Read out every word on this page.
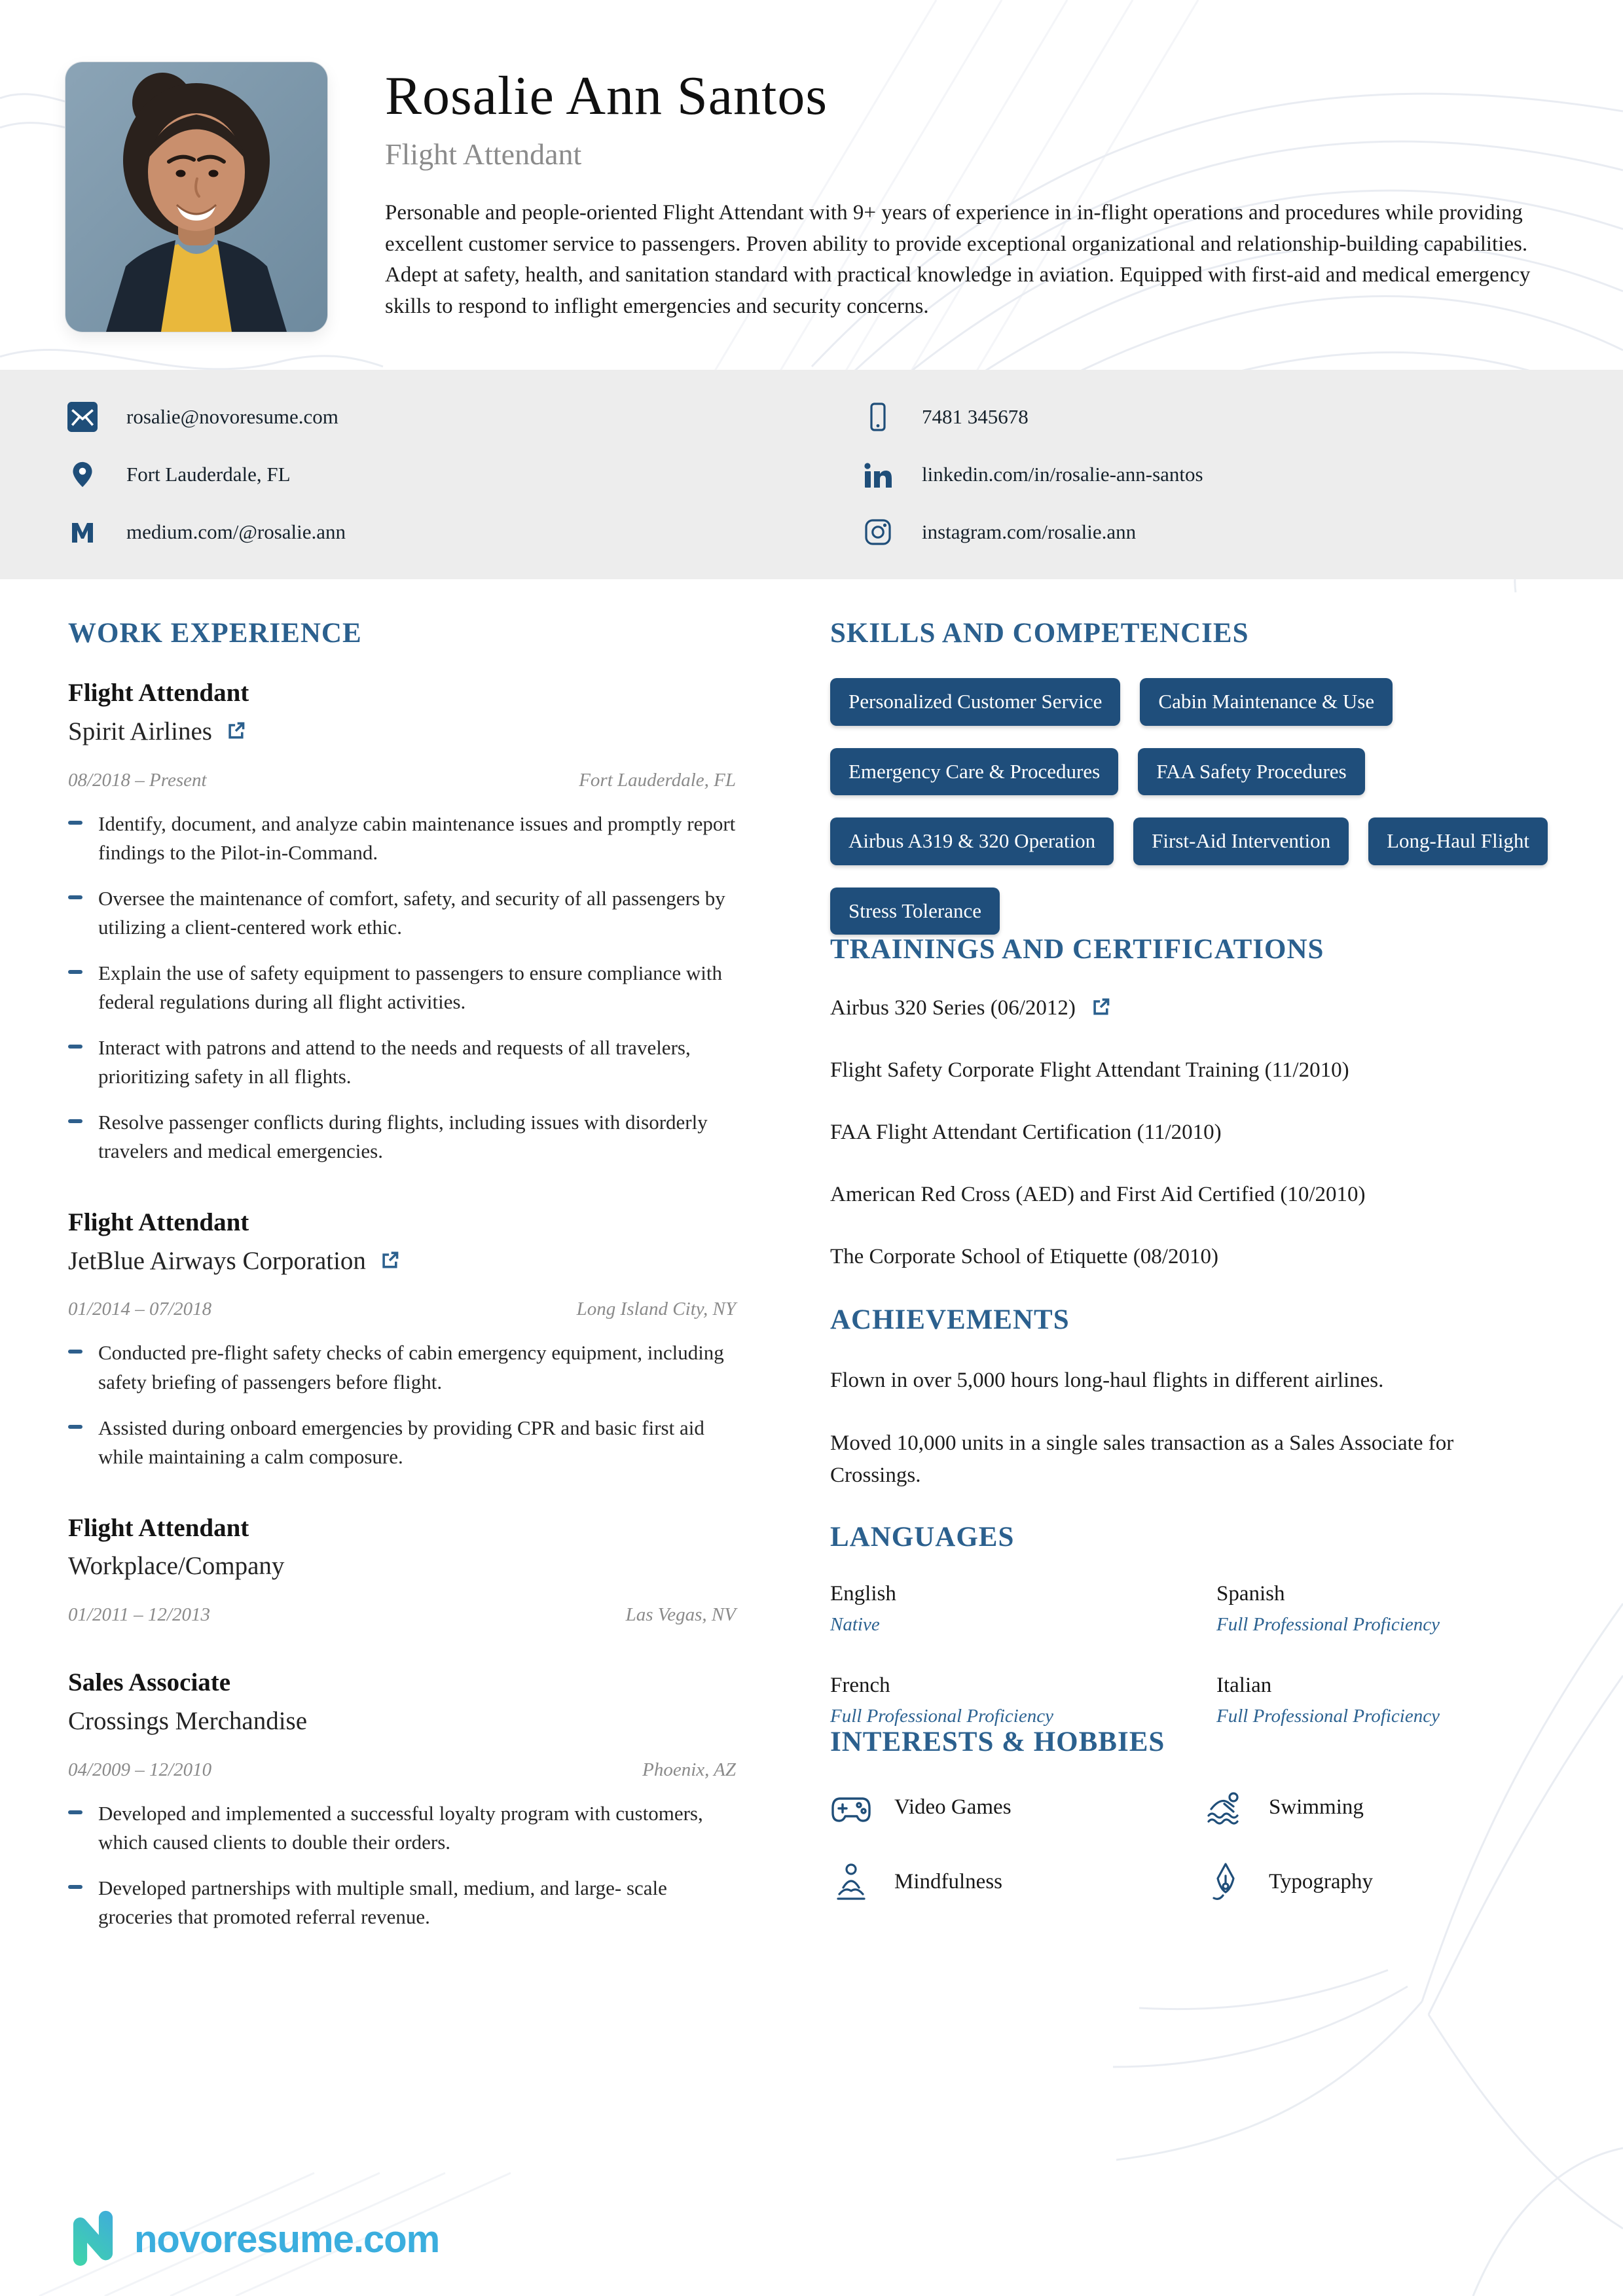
Rosalie Ann Santos
Flight Attendant
Personable and people-oriented Flight Attendant with 9+ years of experience in in-flight operations and procedures while providing excellent customer service to passengers. Proven ability to provide exceptional organizational and relationship-building capabilities. Adept at safety, health, and sanitation standard with practical knowledge in aviation. Equipped with first-aid and medical emergency skills to respond to inflight emergencies and security concerns.
rosalie@novoresume.com
Fort Lauderdale, FL
medium.com/@rosalie.ann
7481 345678
linkedin.com/in/rosalie-ann-santos
instagram.com/rosalie.ann
WORK EXPERIENCE
Flight Attendant
Spirit Airlines
08/2018 – Present	Fort Lauderdale, FL
Identify, document, and analyze cabin maintenance issues and promptly report findings to the Pilot-in-Command.
Oversee the maintenance of comfort, safety, and security of all passengers by utilizing a client-centered work ethic.
Explain the use of safety equipment to passengers to ensure compliance with federal regulations during all flight activities.
Interact with patrons and attend to the needs and requests of all travelers, prioritizing safety in all flights.
Resolve passenger conflicts during flights, including issues with disorderly travelers and medical emergencies.
Flight Attendant
JetBlue Airways Corporation
01/2014 – 07/2018	Long Island City, NY
Conducted pre-flight safety checks of cabin emergency equipment, including safety briefing of passengers before flight.
Assisted during onboard emergencies by providing CPR and basic first aid while maintaining a calm composure.
Flight Attendant
Workplace/Company
01/2011 – 12/2013	Las Vegas, NV
Sales Associate
Crossings Merchandise
04/2009 – 12/2010	Phoenix, AZ
Developed and implemented a successful loyalty program with customers, which caused clients to double their orders.
Developed partnerships with multiple small, medium, and large- scale groceries that promoted referral revenue.
SKILLS AND COMPETENCIES
Personalized Customer Service	Cabin Maintenance & Use
Emergency Care & Procedures	FAA Safety Procedures
Airbus A319 & 320 Operation	First-Aid Intervention	Long-Haul Flight
Stress Tolerance
TRAININGS AND CERTIFICATIONS
Airbus 320 Series (06/2012)
Flight Safety Corporate Flight Attendant Training (11/2010)
FAA Flight Attendant Certification (11/2010)
American Red Cross (AED) and First Aid Certified (10/2010)
The Corporate School of Etiquette (08/2010)
ACHIEVEMENTS

Flown in over 5,000 hours long-haul flights in different airlines.

Moved 10,000 units in a single sales transaction as a Sales Associate for Crossings.

LANGUAGES
English
Native
Spanish
Full Professional Proficiency
French
Full Professional Proficiency
Italian
Full Professional Proficiency
INTERESTS & HOBBIES
Video Games	Swimming
Mindfulness	Typography
novoresume.com
